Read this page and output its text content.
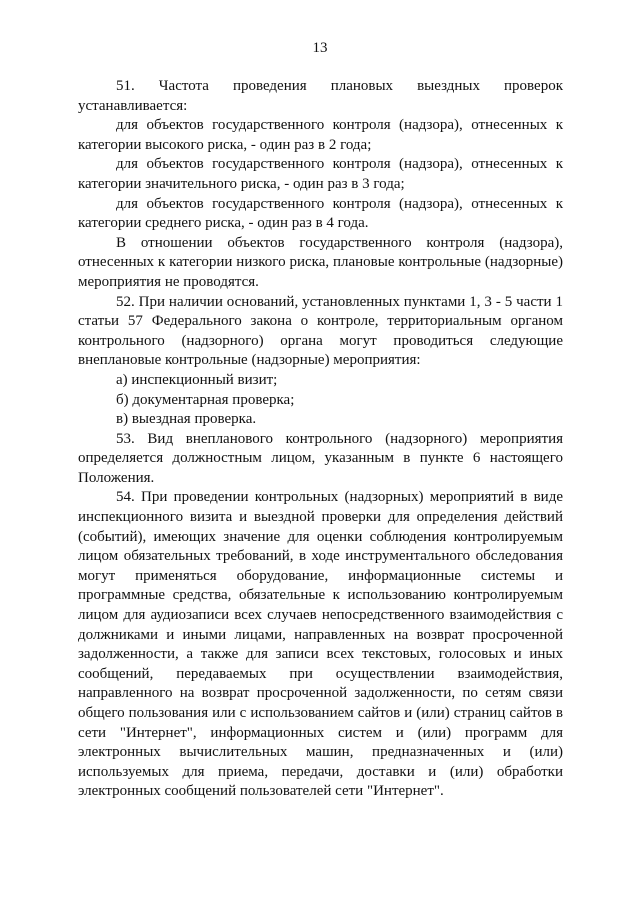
13

51. Частота проведения плановых выездных проверок устанавливается:

для объектов государственного контроля (надзора), отнесенных к категории высокого риска, - один раз в 2 года;

для объектов государственного контроля (надзора), отнесенных к категории значительного риска, - один раз в 3 года;

для объектов государственного контроля (надзора), отнесенных к категории среднего риска, - один раз в 4 года.

В отношении объектов государственного контроля (надзора), отнесенных к категории низкого риска, плановые контрольные (надзорные) мероприятия не проводятся.

52. При наличии оснований, установленных пунктами 1, 3 - 5 части 1 статьи 57 Федерального закона о контроле, территориальным органом контрольного (надзорного) органа могут проводиться следующие внеплановые контрольные (надзорные) мероприятия:

а) инспекционный визит;

б) документарная проверка;

в) выездная проверка.

53. Вид внепланового контрольного (надзорного) мероприятия определяется должностным лицом, указанным в пункте 6 настоящего Положения.

54. При проведении контрольных (надзорных) мероприятий в виде инспекционного визита и выездной проверки для определения действий (событий), имеющих значение для оценки соблюдения контролируемым лицом обязательных требований, в ходе инструментального обследования могут применяться оборудование, информационные системы и программные средства, обязательные к использованию контролируемым лицом для аудиозаписи всех случаев непосредственного взаимодействия с должниками и иными лицами, направленных на возврат просроченной задолженности, а также для записи всех текстовых, голосовых и иных сообщений, передаваемых при осуществлении взаимодействия, направленного на возврат просроченной задолженности, по сетям связи общего пользования или с использованием сайтов и (или) страниц сайтов в сети "Интернет", информационных систем и (или) программ для электронных вычислительных машин, предназначенных и (или) используемых для приема, передачи, доставки и (или) обработки электронных сообщений пользователей сети "Интернет".
